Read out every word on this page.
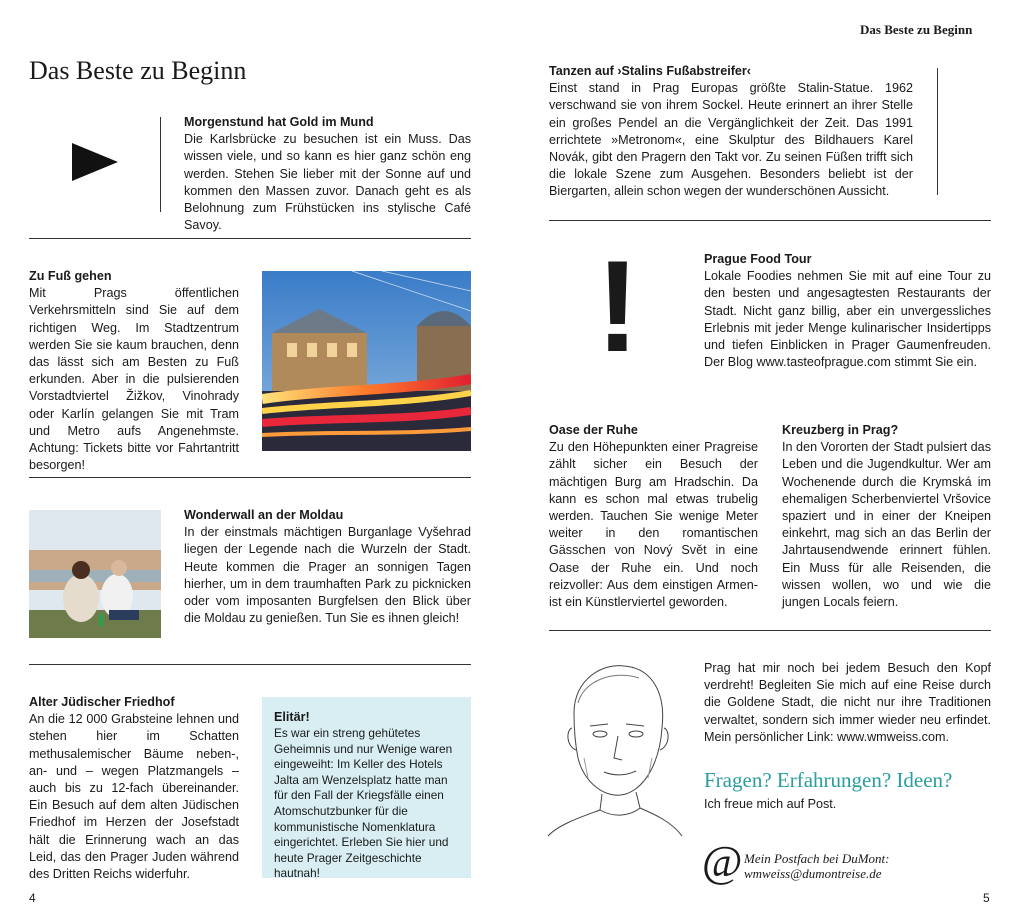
Das Beste zu Beginn
4	5
Das Beste zu Beginn
Morgenstund hat Gold im Mund
Die Karlsbrücke zu besuchen ist ein Muss. Das wissen viele, und so kann es hier ganz schön eng werden. Stehen Sie lieber mit der Sonne auf und kommen den Massen zuvor. Danach geht es als Belohnung zum Frühstücken ins stylische Café Savoy.
Zu Fuß gehen
Mit Prags öffentlichen Verkehrsmitteln sind Sie auf dem richtigen Weg. Im Stadtzentrum werden Sie sie kaum brauchen, denn das lässt sich am Besten zu Fuß erkunden. Aber in die pulsierenden Vorstadtviertel Žižkov, Vinohrady oder Karlín gelangen Sie mit Tram und Metro aufs Angenehmste. Achtung: Tickets bitte vor Fahrtantritt besorgen!
Wonderwall an der Moldau
In der einstmals mächtigen Burganlage Vyšehrad liegen der Legende nach die Wurzeln der Stadt. Heute kommen die Prager an sonnigen Tagen hierher, um in dem traumhaften Park zu picknicken oder vom imposanten Burgfelsen den Blick über die Moldau zu genießen. Tun Sie es ihnen gleich!
Alter Jüdischer Friedhof
An die 12 000 Grabsteine lehnen und stehen hier im Schatten methusalemischer Bäume neben-, an- und – wegen Platzmangels – auch bis zu 12-fach übereinander. Ein Besuch auf dem alten Jüdischen Friedhof im Herzen der Josefstadt hält die Erinnerung wach an das Leid, das den Prager Juden während des Dritten Reichs widerfuhr.
Elitär!
Es war ein streng gehütetes Geheimnis und nur Wenige waren eingeweiht: Im Keller des Hotels Jalta am Wenzelsplatz hatte man für den Fall der Kriegsfälle einen Atomschutzbunker für die kommunistische Nomenklatura eingerichtet. Erleben Sie hier und heute Prager Zeitgeschichte hautnah!
Tanzen auf ›Stalins Fußabstreifer‹
Einst stand in Prag Europas größte Stalin-Statue. 1962 verschwand sie von ihrem Sockel. Heute erinnert an ihrer Stelle ein großes Pendel an die Vergänglichkeit der Zeit. Das 1991 errichtete »Metronom«, eine Skulptur des Bildhauers Karel Novák, gibt den Pragern den Takt vor. Zu seinen Füßen trifft sich die lokale Szene zum Ausgehen. Besonders beliebt ist der Biergarten, allein schon wegen der wunderschönen Aussicht.
!	Prague Food Tour
Lokale Foodies nehmen Sie mit auf eine Tour zu den besten und angesagtesten Restaurants der Stadt. Nicht ganz billig, aber ein unvergessliches Erlebnis mit jeder Menge kulinarischer Insidertipps und tiefen Einblicken in Prager Gaumenfreuden. Der Blog www.tasteofprague.com stimmt Sie ein.
Oase der Ruhe
Zu den Höhepunkten einer Pragreise zählt sicher ein Besuch der mächtigen Burg am Hradschin. Da kann es schon mal etwas trubelig werden. Tauchen Sie wenige Meter weiter in den romantischen Gässchen von Nový Svět in eine Oase der Ruhe ein. Und noch reizvoller: Aus dem einstigen Armen- ist ein Künstlerviertel geworden.
Kreuzberg in Prag?
In den Vororten der Stadt pulsiert das Leben und die Jugendkultur. Wer am Wochenende durch die Krymská im ehemaligen Scherbenviertel Vršovice spaziert und in einer der Kneipen einkehrt, mag sich an das Berlin der Jahrtausendwende erinnert fühlen. Ein Muss für alle Reisenden, die wissen wollen, wo und wie die jungen Locals feiern.
Prag hat mir noch bei jedem Besuch den Kopf verdreht! Begleiten Sie mich auf eine Reise durch die Goldene Stadt, die nicht nur ihre Traditionen verwaltet, sondern sich immer wieder neu erfindet. Mein persönlicher Link: www.wmweiss.com.
Fragen? Erfahrungen? Ideen?
Ich freue mich auf Post.
@ Mein Postfach bei DuMont:
wmweiss@dumontreise.de
